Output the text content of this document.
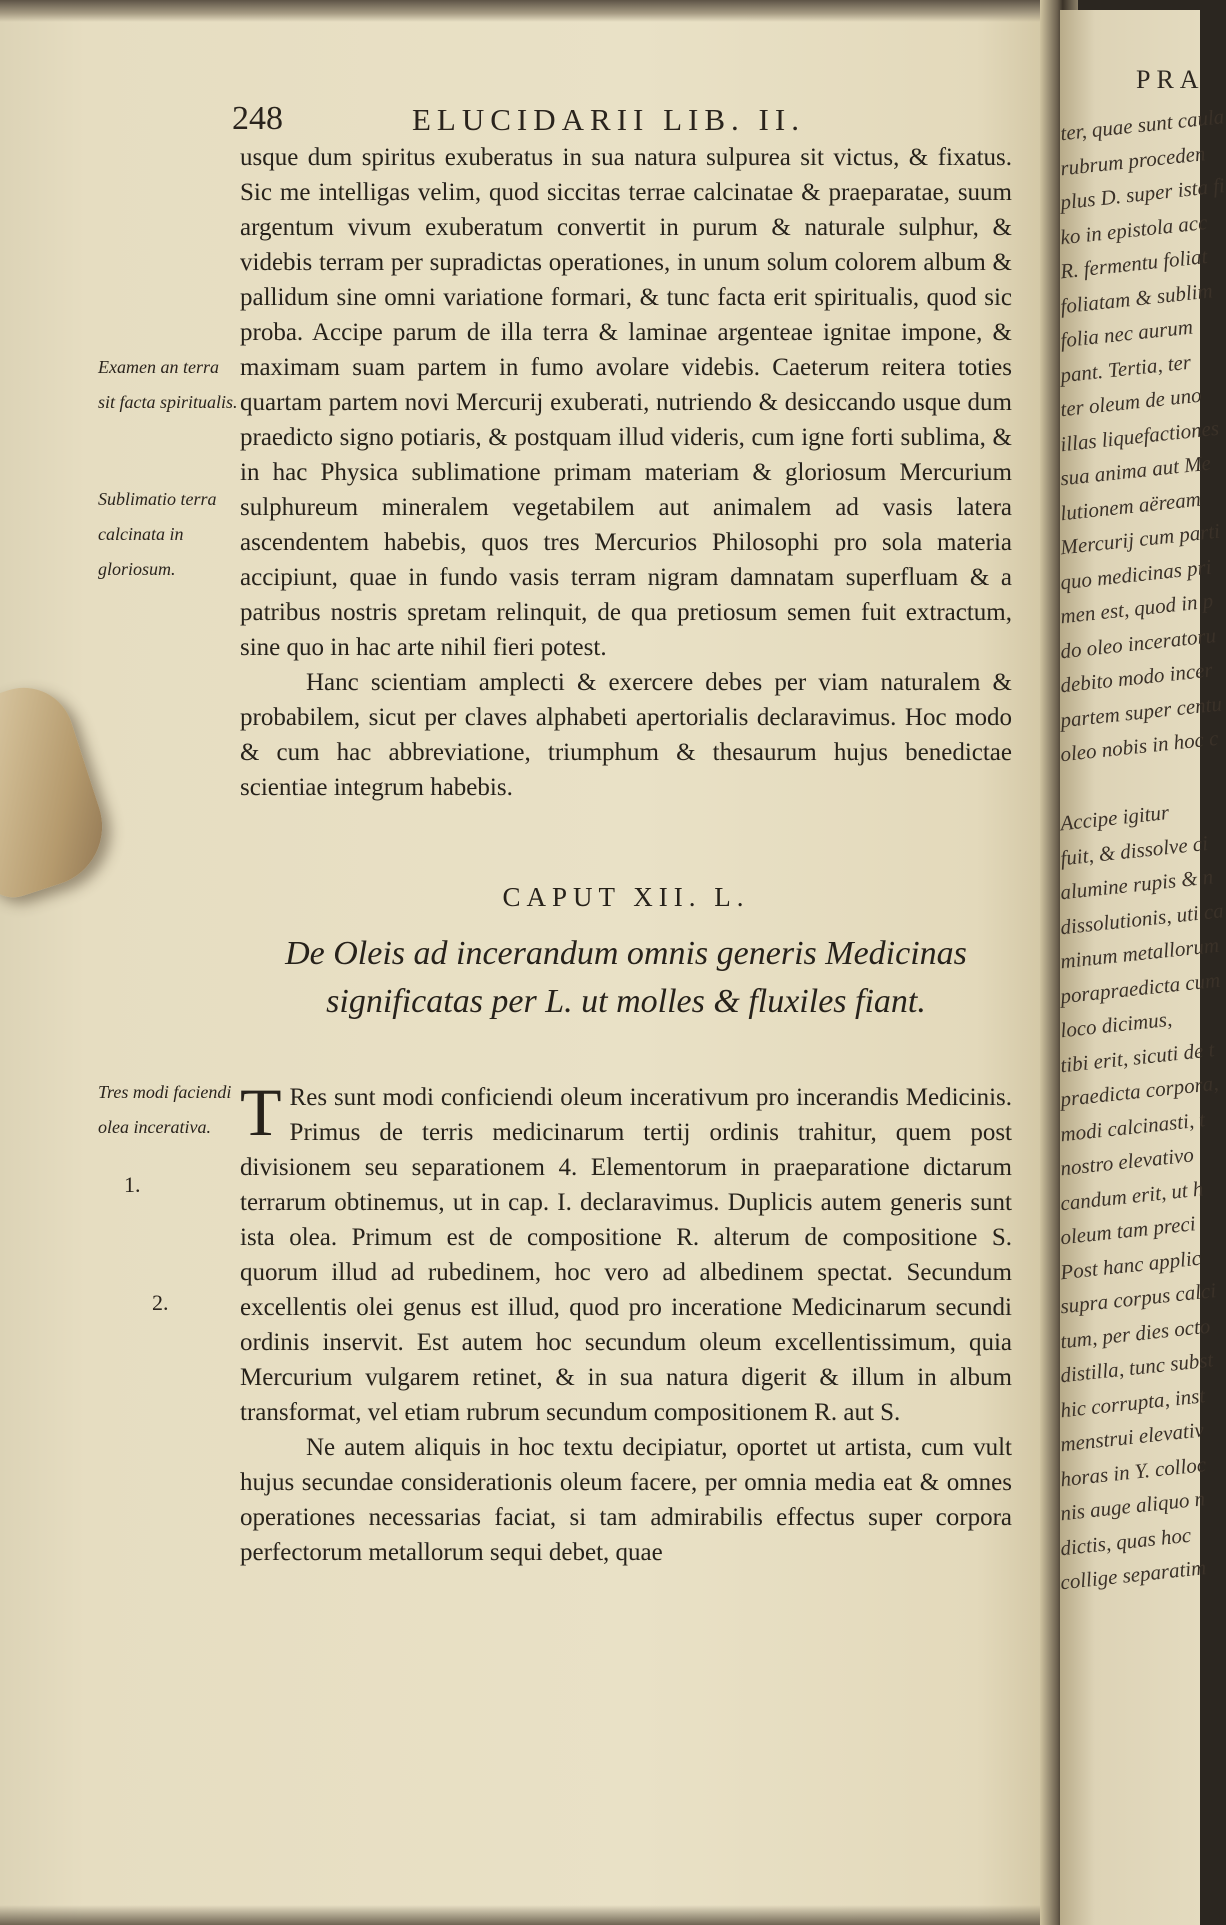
248	ELUCIDARII LIB. II.
Examen an terra sit facta spiritualis.
Sublimatio terra calcinata in gloriosum.

usque dum spiritus exuberatus in sua natura sulpurea sit victus, & fixatus. Sic me intelligas velim, quod siccitas terrae calcinatae & praeparatae, suum argentum vivum exuberatum convertit in purum & naturale sulphur, & videbis terram per supradictas operationes, in unum solum colorem album & pallidum sine omni variatione formari, & tunc facta erit spiritualis, quod sic proba. Accipe parum de illa terra & laminae argenteae ignitae impone, & maximam suam partem in fumo avolare videbis. Caeterum reitera toties quartam partem novi Mercurij exuberati, nutriendo & desiccando usque dum praedicto signo potiaris, & postquam illud videris, cum igne forti sublima, & in hac Physica sublimatione primam materiam & gloriosum Mercurium sulphureum mineralem vegetabilem aut animalem ad vasis latera ascendentem habebis, quos tres Mercurios Philosophi pro sola materia accipiunt, quae in fundo vasis terram nigram damnatam superfluam & a patribus nostris spretam relinquit, de qua pretiosum semen fuit extractum, sine quo in hac arte nihil fieri potest.

Hanc scientiam amplecti & exercere debes per viam naturalem & probabilem, sicut per claves alphabeti apertorialis declaravimus. Hoc modo & cum hac abbreviatione, triumphum & thesaurum hujus benedictae scientiae integrum habebis.

CAPUT XII. L.
De Oleis ad incerandum omnis generis Medicinas significatas per L. ut molles & fluxiles fiant.
Tres modi faciendi olea incerativa.
1.
2.

T Res sunt modi conficiendi oleum incerativum pro incerandis Medicinis. Primus de terris medicinarum tertij ordinis trahitur, quem post divisionem seu separationem 4. Elementorum in praeparatione dictarum terrarum obtinemus, ut in cap. I. declaravimus. Duplicis autem generis sunt ista olea. Primum est de compositione R. alterum de compositione S. quorum illud ad rubedinem, hoc vero ad albedinem spectat. Secundum excellentis olei genus est illud, quod pro inceratione Medicinarum secundi ordinis inservit. Est autem hoc secundum oleum excellentissimum, quia Mercurium vulgarem retinet, & in sua natura digerit & illum in album transformat, vel etiam rubrum secundum compositionem R. aut S.

Ne autem aliquis in hoc textu decipiatur, oportet ut artista, cum vult hujus secundae considerationis oleum facere, per omnia media eat & omnes operationes necessarias faciat, si tam admirabilis effectus super corpora perfectorum metallorum sequi debet, quae

PRA
ter, quae sunt caula
rubrum proceden
plus D. super ista fi
ko in epistola acc
R. fermentu foliat
foliatam & sublim
folia nec aurum
pant. Tertia, ter
ter oleum de uno
illas liquefactiones
sua anima aut Me
lutionem aëream
Mercurij cum parti
quo medicinas pri
men est, quod in p
do oleo inceratoru
debito modo incer
partem super centu
oleo nobis in hoc c
Accipe igitur
fuit, & dissolve ci
alumine rupis & n
dissolutionis, uti ca
minum metallorum
porapraedicta cum
loco dicimus,
tibi erit, sicuti de t
praedicta corpora,
modi calcinasti, t
nostro elevativo
candum erit, ut h
oleum tam preci
Post hanc applic
supra corpus calci
tum, per dies octo
distilla, tunc subst
hic corrupta, inst
menstrui elevativ
horas in Y. colloc
nis auge aliquo n
dictis, quas hoc
collige separatim
